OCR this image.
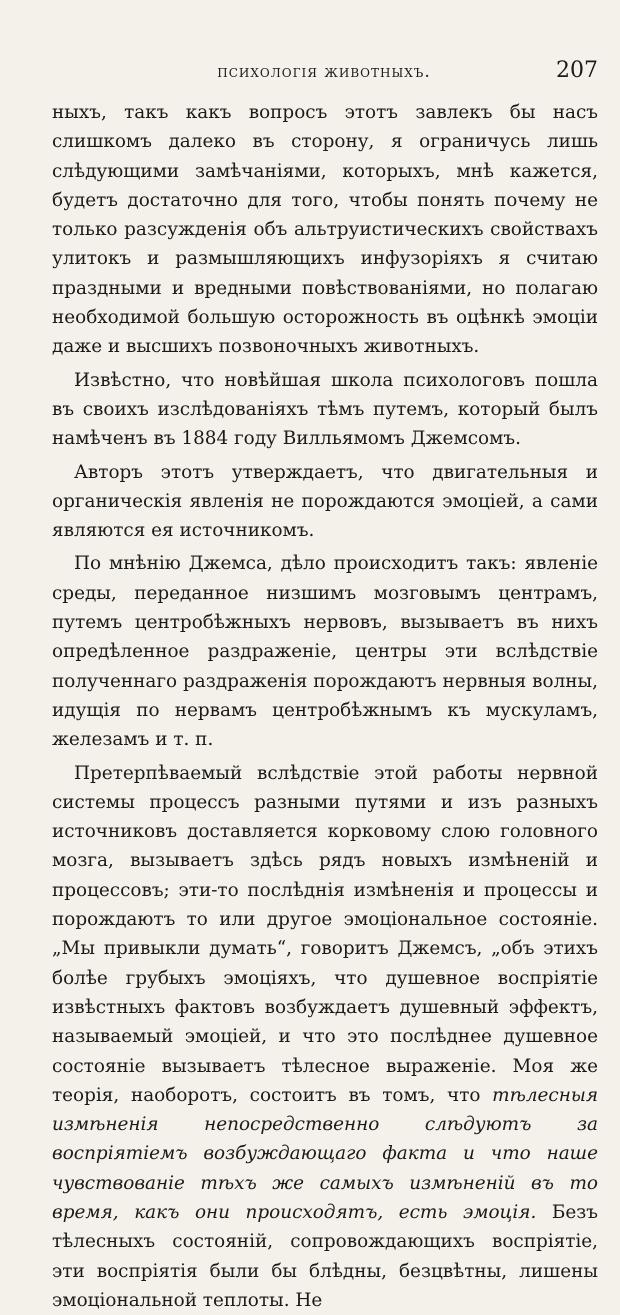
психологія животныхъ.	207

ныхъ, такъ какъ вопросъ этотъ завлекъ бы насъ слишкомъ далеко въ сторону, я ограничусь лишь слѣдующими замѣчаніями, которыхъ, мнѣ кажется, будетъ достаточно для того, чтобы понять почему не только разсужденія объ альтруистическихъ свойствахъ улитокъ и размышляющихъ инфузоріяхъ я считаю праздными и вредными повѣствованіями, но полагаю необходимой большую осторожность въ оцѣнкѣ эмоціи даже и высшихъ позвоночныхъ животныхъ.

Извѣстно, что новѣйшая школа психологовъ пошла въ своихъ изслѣдованіяхъ тѣмъ путемъ, который былъ намѣченъ въ 1884 году Вилльямомъ Джемсомъ.

Авторъ этотъ утверждаетъ, что двигательныя и органическія явленія не порождаются эмоціей, а сами являются ея источникомъ.

По мнѣнію Джемса, дѣло происходитъ такъ: явленіе среды, переданное низшимъ мозговымъ центрамъ, путемъ центробѣжныхъ нервовъ, вызываетъ въ нихъ опредѣленное раздраженіе, центры эти вслѣдствіе полученнаго раздраженія порождаютъ нервныя волны, идущія по нервамъ центробѣжнымъ къ мускуламъ, железамъ и т. п.

Претерпѣваемый вслѣдствіе этой работы нервной системы процессъ разными путями и изъ разныхъ источниковъ доставляется корковому слою головного мозга, вызываетъ здѣсь рядъ новыхъ измѣненій и процессовъ; эти-то послѣднія измѣненія и процессы и порождаютъ то или другое эмоціональное состояніе. „Мы привыкли думать“, говоритъ Джемсъ, „объ этихъ болѣе грубыхъ эмоціяхъ, что душевное воспріятіе извѣстныхъ фактовъ возбуждаетъ душевный эффектъ, называемый эмоціей, и что это послѣднее душевное состояніе вызываетъ тѣлесное выраженіе. Моя же теорія, наоборотъ, состоитъ въ томъ, что тѣлесныя измѣненія непосредственно слѣдуютъ за воспріятіемъ возбуждающаго факта и что наше чувствованіе тѣхъ же самыхъ измѣненій въ то время, какъ они происходятъ, есть эмоція. Безъ тѣлесныхъ состояній, сопровождающихъ воспріятіе, эти воспріятія были бы блѣдны, безцвѣтны, лишены эмоціональной теплоты. Не
